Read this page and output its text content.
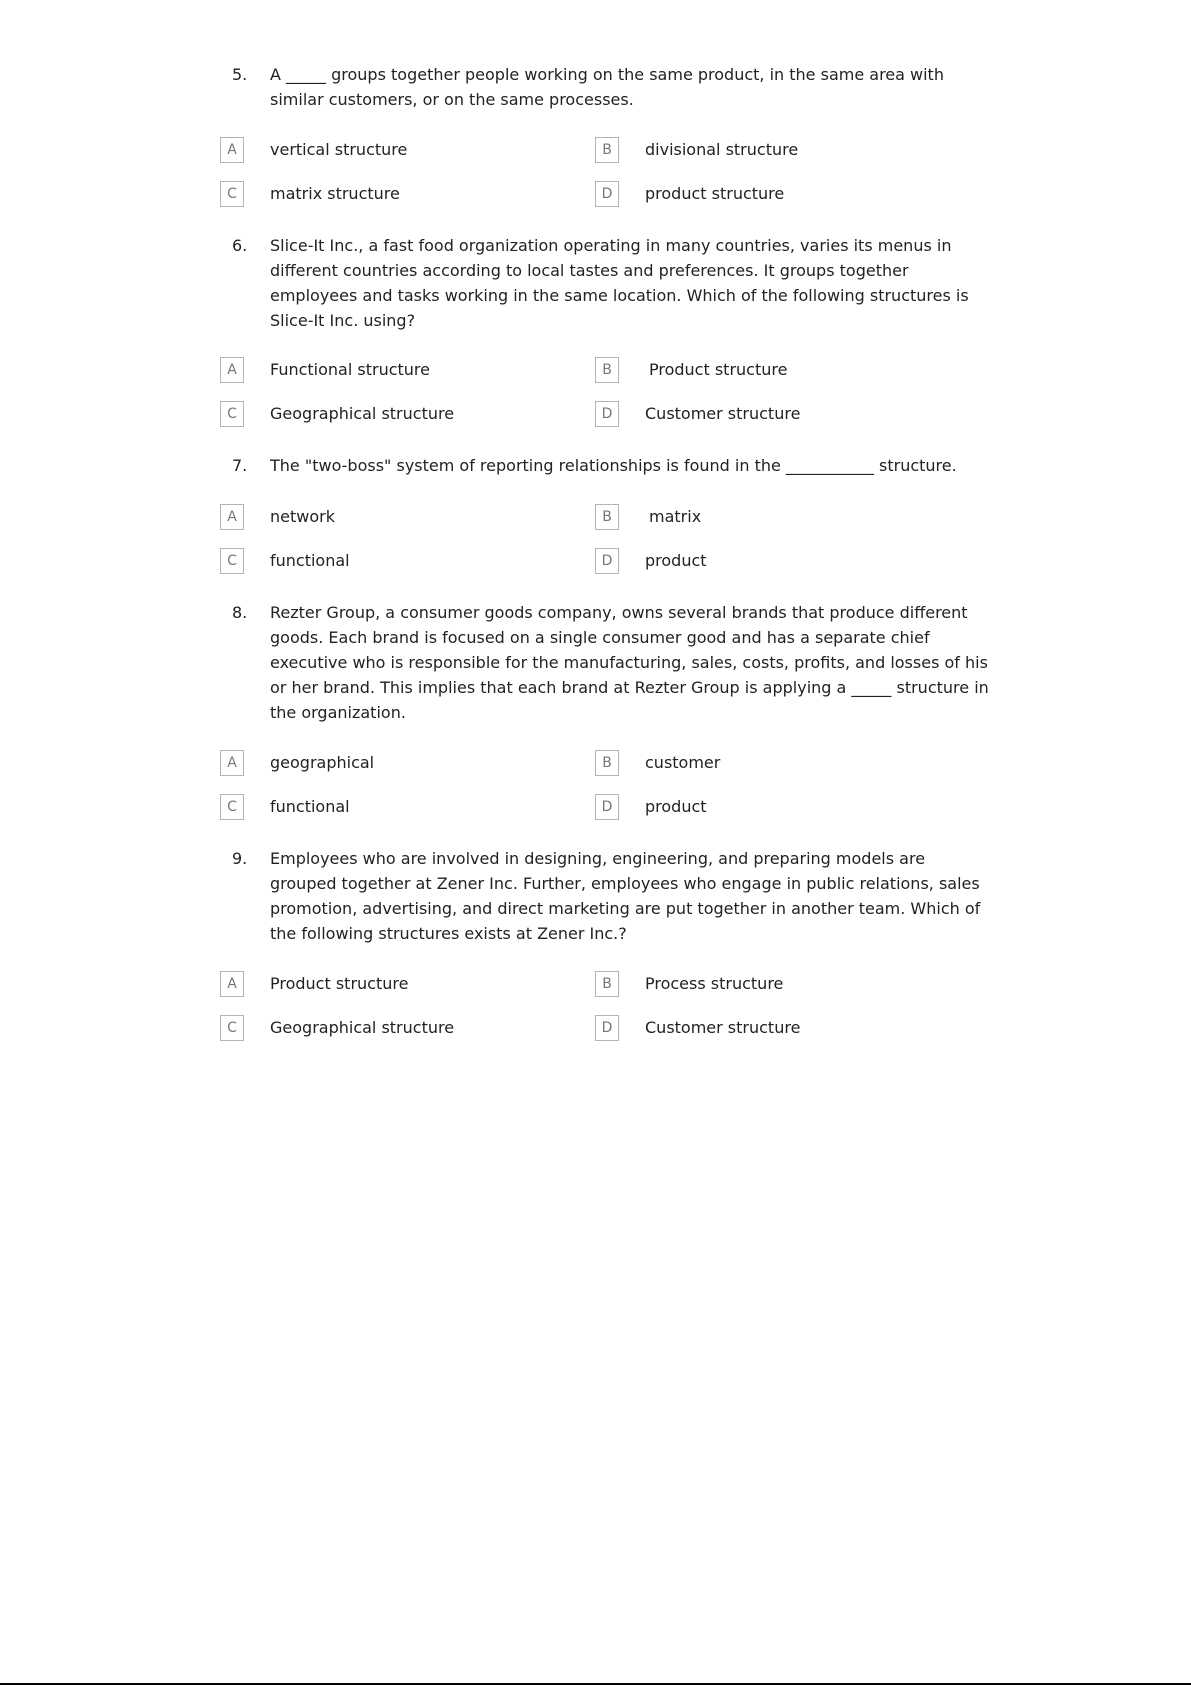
5. A _____ groups together people working on the same product, in the same area with similar customers, or on the same processes.
A	vertical structure	B	divisional structure
C	matrix structure	D	product structure
6. Slice-It Inc., a fast food organization operating in many countries, varies its menus in different countries according to local tastes and preferences. It groups together employees and tasks working in the same location. Which of the following structures is Slice-It Inc. using?
A	Functional structure	B	Product structure
C	Geographical structure	D	Customer structure
7. The "two-boss" system of reporting relationships is found in the ___________ structure.
A	network	B	matrix
C	functional	D	product
8. Rezter Group, a consumer goods company, owns several brands that produce different goods. Each brand is focused on a single consumer good and has a separate chief executive who is responsible for the manufacturing, sales, costs, profits, and losses of his or her brand. This implies that each brand at Rezter Group is applying a _____ structure in the organization.
A	geographical	B	customer
C	functional	D	product
9. Employees who are involved in designing, engineering, and preparing models are grouped together at Zener Inc. Further, employees who engage in public relations, sales promotion, advertising, and direct marketing are put together in another team. Which of the following structures exists at Zener Inc.?
A	Product structure	B	Process structure
C	Geographical structure	D	Customer structure
